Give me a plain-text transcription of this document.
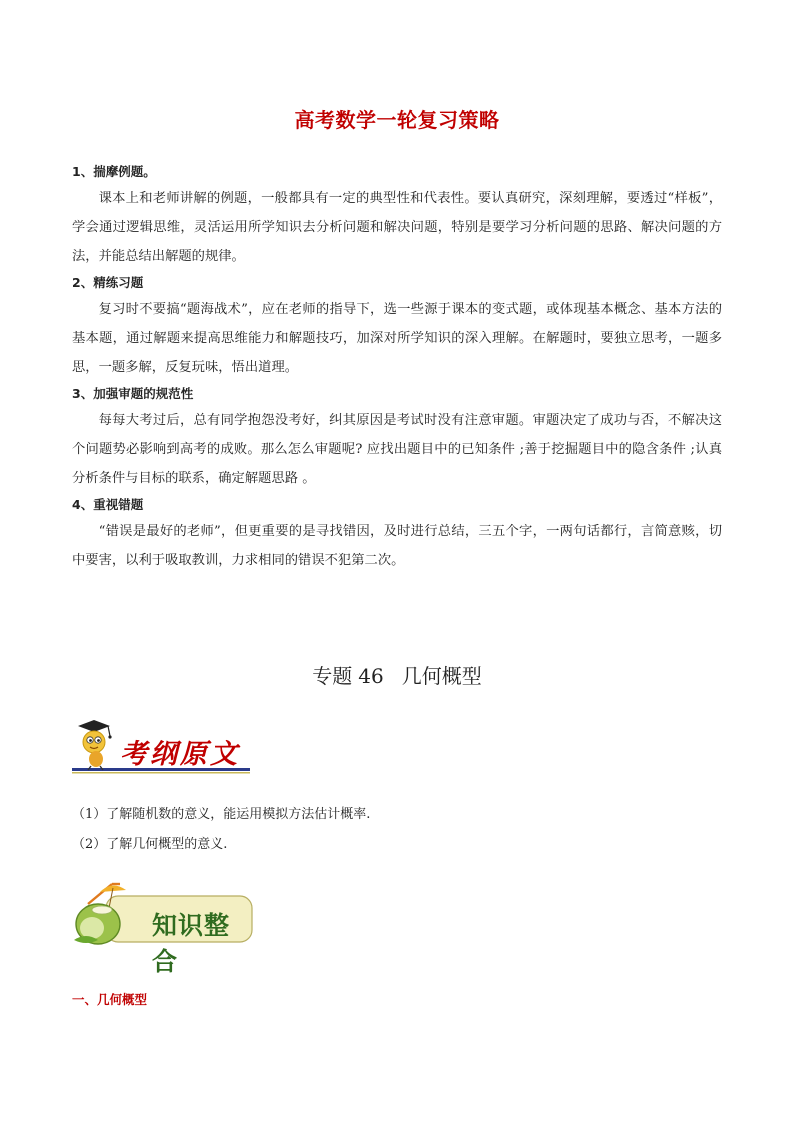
高考数学一轮复习策略
1、揣摩例题。

课本上和老师讲解的例题，一般都具有一定的典型性和代表性。要认真研究，深刻理解，要透过“样板”，学会通过逻辑思维，灵活运用所学知识去分析问题和解决问题，特别是要学习分析问题的思路、解决问题的方法，并能总结出解题的规律。

2、精练习题

复习时不要搞“题海战术”，应在老师的指导下，选一些源于课本的变式题，或体现基本概念、基本方法的基本题，通过解题来提高思维能力和解题技巧，加深对所学知识的深入理解。在解题时，要独立思考，一题多思，一题多解，反复玩味，悟出道理。

3、加强审题的规范性

每每大考过后，总有同学抱怨没考好，纠其原因是考试时没有注意审题。审题决定了成功与否，不解决这个问题势必影响到高考的成败。那么怎么审题呢? 应找出题目中的已知条件 ;善于挖掘题目中的隐含条件 ;认真分析条件与目标的联系，确定解题思路 。

4、重视错题

“错误是最好的老师”，但更重要的是寻找错因，及时进行总结，三五个字，一两句话都行，言简意赅，切中要害，以利于吸取教训，力求相同的错误不犯第二次。

专题 46 几何概型
考纲原文
（1）了解随机数的意义，能运用模拟方法估计概率.
（2）了解几何概型的意义.
知识整合
一、几何概型
